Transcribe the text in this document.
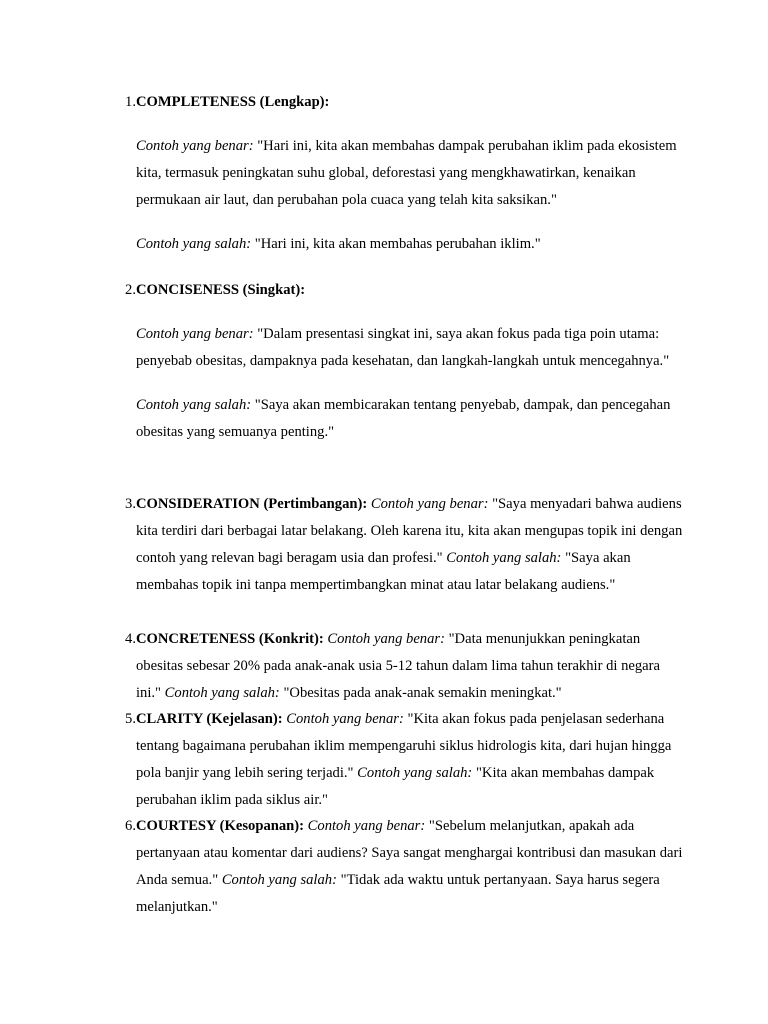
1. COMPLETENESS (Lengkap):

Contoh yang benar: "Hari ini, kita akan membahas dampak perubahan iklim pada ekosistem kita, termasuk peningkatan suhu global, deforestasi yang mengkhawatirkan, kenaikan permukaan air laut, dan perubahan pola cuaca yang telah kita saksikan."

Contoh yang salah: "Hari ini, kita akan membahas perubahan iklim."

2. CONCISENESS (Singkat):

Contoh yang benar: "Dalam presentasi singkat ini, saya akan fokus pada tiga poin utama: penyebab obesitas, dampaknya pada kesehatan, dan langkah-langkah untuk mencegahnya."

Contoh yang salah: "Saya akan membicarakan tentang penyebab, dampak, dan pencegahan obesitas yang semuanya penting."

3. CONSIDERATION (Pertimbangan): Contoh yang benar: "Saya menyadari bahwa audiens kita terdiri dari berbagai latar belakang. Oleh karena itu, kita akan mengupas topik ini dengan contoh yang relevan bagi beragam usia dan profesi." Contoh yang salah: "Saya akan membahas topik ini tanpa mempertimbangkan minat atau latar belakang audiens."

4. CONCRETENESS (Konkrit): Contoh yang benar: "Data menunjukkan peningkatan obesitas sebesar 20% pada anak-anak usia 5-12 tahun dalam lima tahun terakhir di negara ini." Contoh yang salah: "Obesitas pada anak-anak semakin meningkat."

5. CLARITY (Kejelasan): Contoh yang benar: "Kita akan fokus pada penjelasan sederhana tentang bagaimana perubahan iklim mempengaruhi siklus hidrologis kita, dari hujan hingga pola banjir yang lebih sering terjadi." Contoh yang salah: "Kita akan membahas dampak perubahan iklim pada siklus air."

6. COURTESY (Kesopanan): Contoh yang benar: "Sebelum melanjutkan, apakah ada pertanyaan atau komentar dari audiens? Saya sangat menghargai kontribusi dan masukan dari Anda semua." Contoh yang salah: "Tidak ada waktu untuk pertanyaan. Saya harus segera melanjutkan."
